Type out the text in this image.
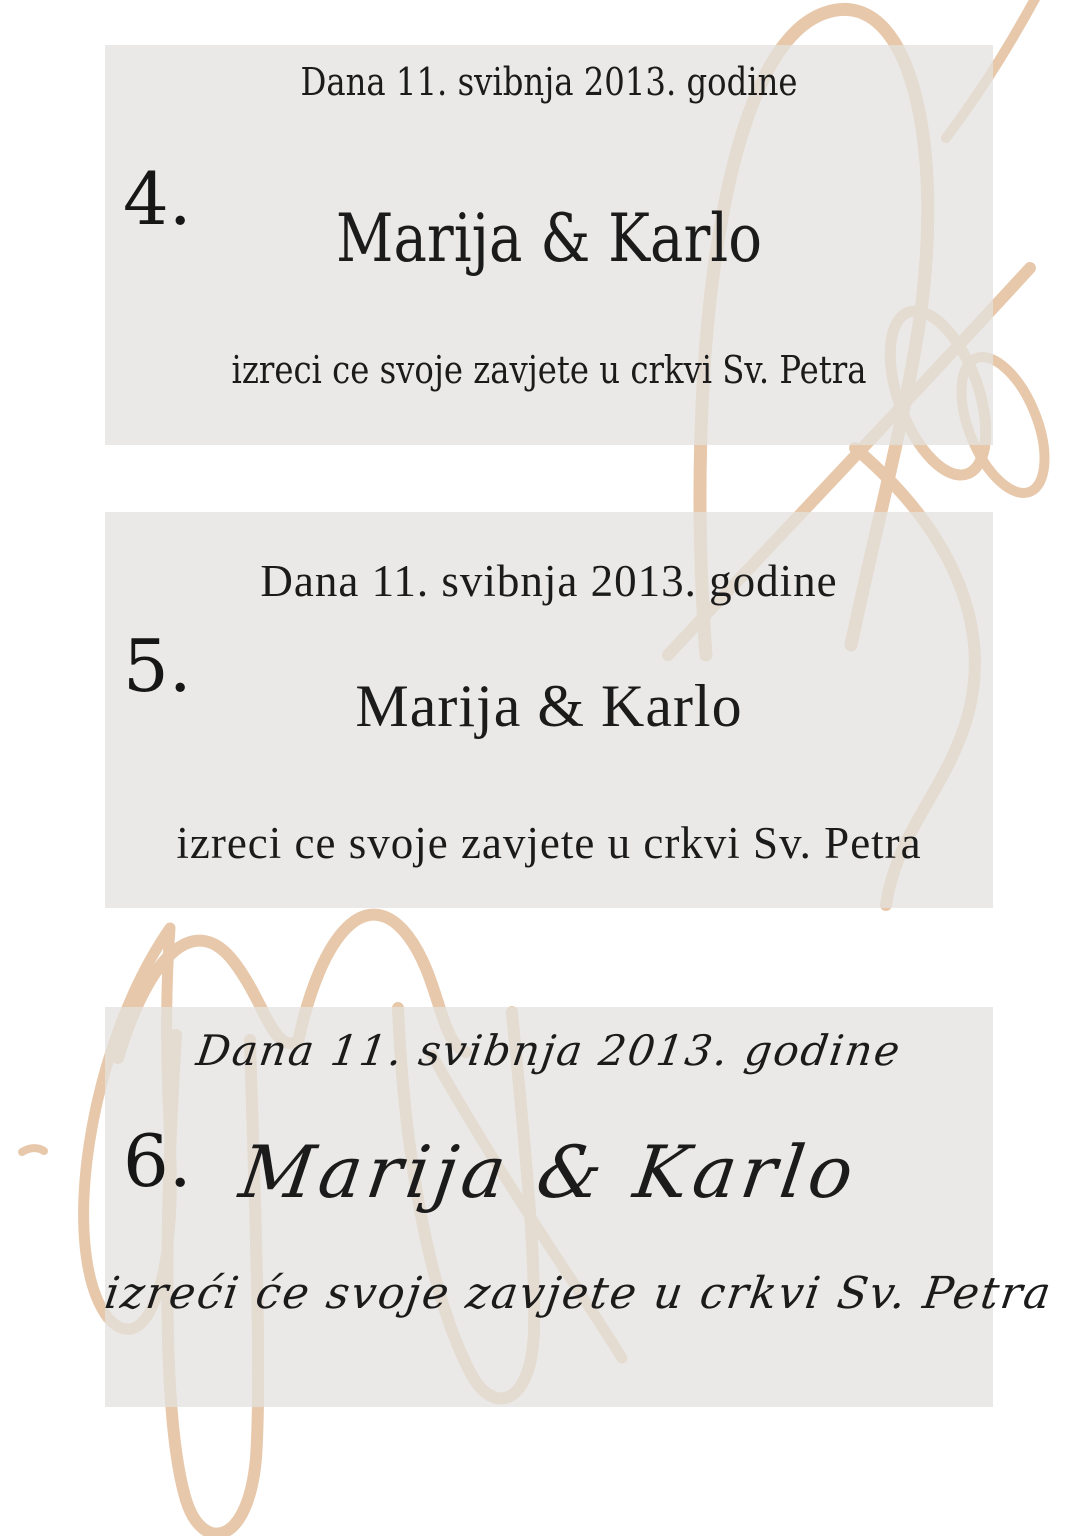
4.
Dana 11. svibnja 2013. godine
Marija & Karlo
izreci ce svoje zavjete u crkvi Sv. Petra
5.
Dana 11. svibnja 2013. godine
Marija & Karlo
izreci ce svoje zavjete u crkvi Sv. Petra
6.
Dana 11. svibnja 2013. godine
Marija & Karlo
izreći će svoje zavjete u crkvi Sv. Petra
